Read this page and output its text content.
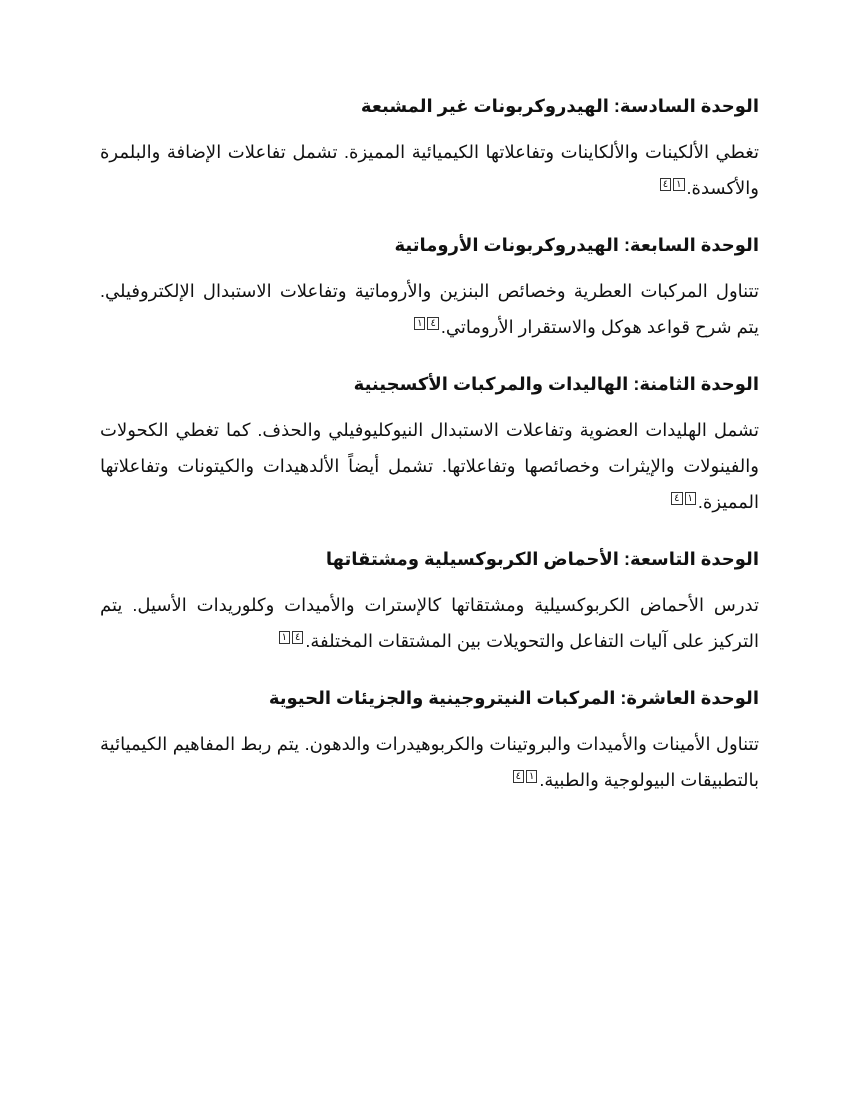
الوحدة السادسة: الهيدروكربونات غير المشبعة

تغطي الألكينات والألكاينات وتفاعلاتها الكيميائية المميزة. تشمل تفاعلات الإضافة والبلمرة والأكسدة.$^{١٤}$

الوحدة السابعة: الهيدروكربونات الأروماتية

تتناول المركبات العطرية وخصائص البنزين والأروماتية وتفاعلات الاستبدال الإلكتروفيلي. يتم شرح قواعد هوكل والاستقرار الأروماتي.$^{٤١}$

الوحدة الثامنة: الهاليدات والمركبات الأكسجينية

تشمل الهليدات العضوية وتفاعلات الاستبدال النيوكليوفيلي والحذف. كما تغطي الكحولات والفينولات والإيثرات وخصائصها وتفاعلاتها. تشمل أيضاً الألدهيدات والكيتونات وتفاعلاتها المميزة.$^{١٤}$

الوحدة التاسعة: الأحماض الكربوكسيلية ومشتقاتها

تدرس الأحماض الكربوكسيلية ومشتقاتها كالإسترات والأميدات وكلوريدات الأسيل. يتم التركيز على آليات التفاعل والتحويلات بين المشتقات المختلفة.$^{٤١}$

الوحدة العاشرة: المركبات النيتروجينية والجزيئات الحيوية

تتناول الأمينات والأميدات والبروتينات والكربوهيدرات والدهون. يتم ربط المفاهيم الكيميائية بالتطبيقات البيولوجية والطبية.$^{١٤}$
